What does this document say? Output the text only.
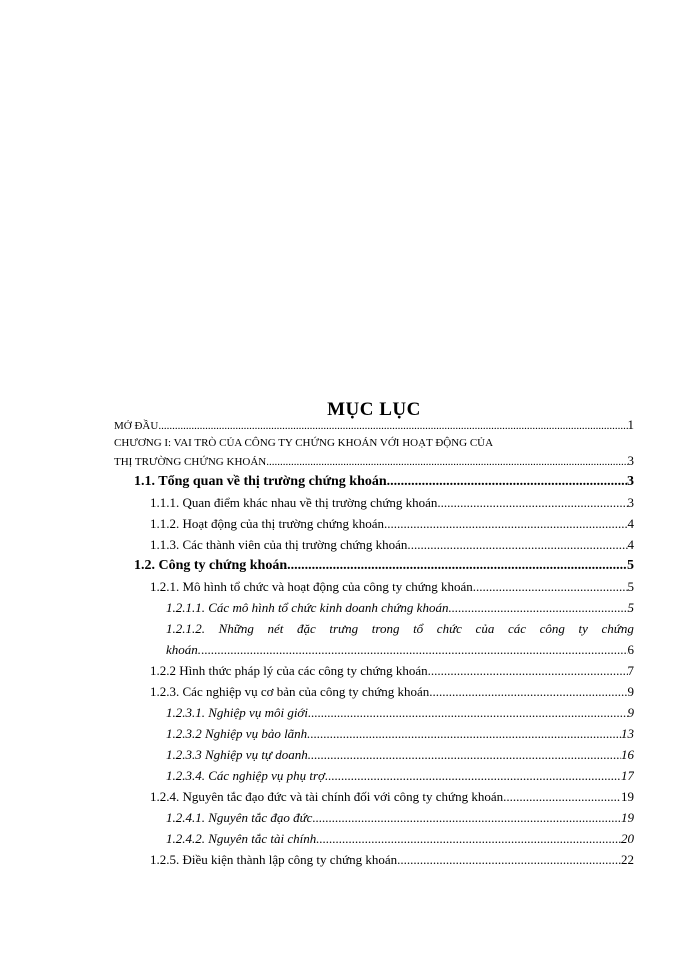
MỤC LỤC
MỞ ĐẦU .....	1
CHƯƠNG I: VAI TRÒ CỦA CÔNG TY CHỨNG KHOÁN VỚI HOẠT ĐỘNG CỦA
THỊ TRƯỜNG CHỨNG KHOÁN .....	3
1.1. Tổng quan về thị trường chứng khoán. .....	3
1.1.1. Quan điểm khác nhau về thị trường chứng khoán. .....	3
1.1.2. Hoạt động của thị trường chứng khoán. .....	4
1.1.3. Các thành viên của thị trường chứng khoán. .....	4
1.2. Công ty chứng khoán. .....	5
1.2.1. Mô hình tổ chức và hoạt động của công ty chứng khoán. .....	5
1.2.1.1. Các mô hình tổ chức kinh doanh chứng khoán. .....	5
1.2.1.2. Những nét đặc trưng trong tổ chức của các công ty chứng
khoán. .....	6
1.2.2 Hình thức pháp lý của các công ty chứng khoán. .....	7
1.2.3. Các nghiệp vụ cơ bản của công ty chứng khoán. .....	9
1.2.3.1. Nghiệp vụ môi giới .....	9
1.2.3.2 Nghiệp vụ bảo lãnh. .....	13
1.2.3.3 Nghiệp vụ tự doanh. .....	16
1.2.3.4. Các nghiệp vụ phụ trợ. .....	17
1.2.4. Nguyên tắc đạo đức và tài chính đối với công ty chứng khoán. .....	19
1.2.4.1. Nguyên tắc đạo đức. .....	19
1.2.4.2. Nguyên tắc tài chính. .....	20
1.2.5. Điều kiện thành lập công ty chứng khoán. .....	22
